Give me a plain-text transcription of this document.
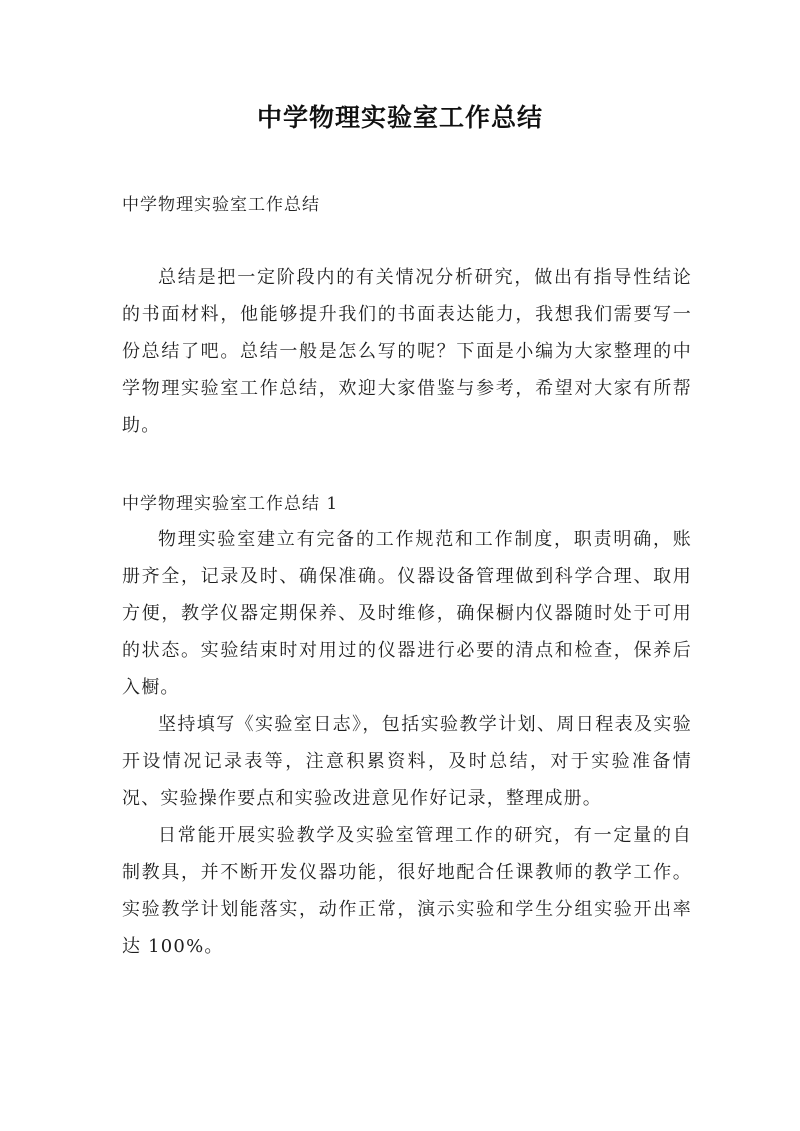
中学物理实验室工作总结
中学物理实验室工作总结

总结是把一定阶段内的有关情况分析研究，做出有指导性结论的书面材料，他能够提升我们的书面表达能力，我想我们需要写一份总结了吧。总结一般是怎么写的呢？下面是小编为大家整理的中学物理实验室工作总结，欢迎大家借鉴与参考，希望对大家有所帮助。

中学物理实验室工作总结 1

物理实验室建立有完备的工作规范和工作制度，职责明确，账册齐全，记录及时、确保准确。仪器设备管理做到科学合理、取用方便，教学仪器定期保养、及时维修，确保橱内仪器随时处于可用的状态。实验结束时对用过的仪器进行必要的清点和检查，保养后入橱。

坚持填写《实验室日志》，包括实验教学计划、周日程表及实验开设情况记录表等，注意积累资料，及时总结，对于实验准备情况、实验操作要点和实验改进意见作好记录，整理成册。

日常能开展实验教学及实验室管理工作的研究，有一定量的自制教具，并不断开发仪器功能，很好地配合任课教师的教学工作。实验教学计划能落实，动作正常，演示实验和学生分组实验开出率达 100%。
